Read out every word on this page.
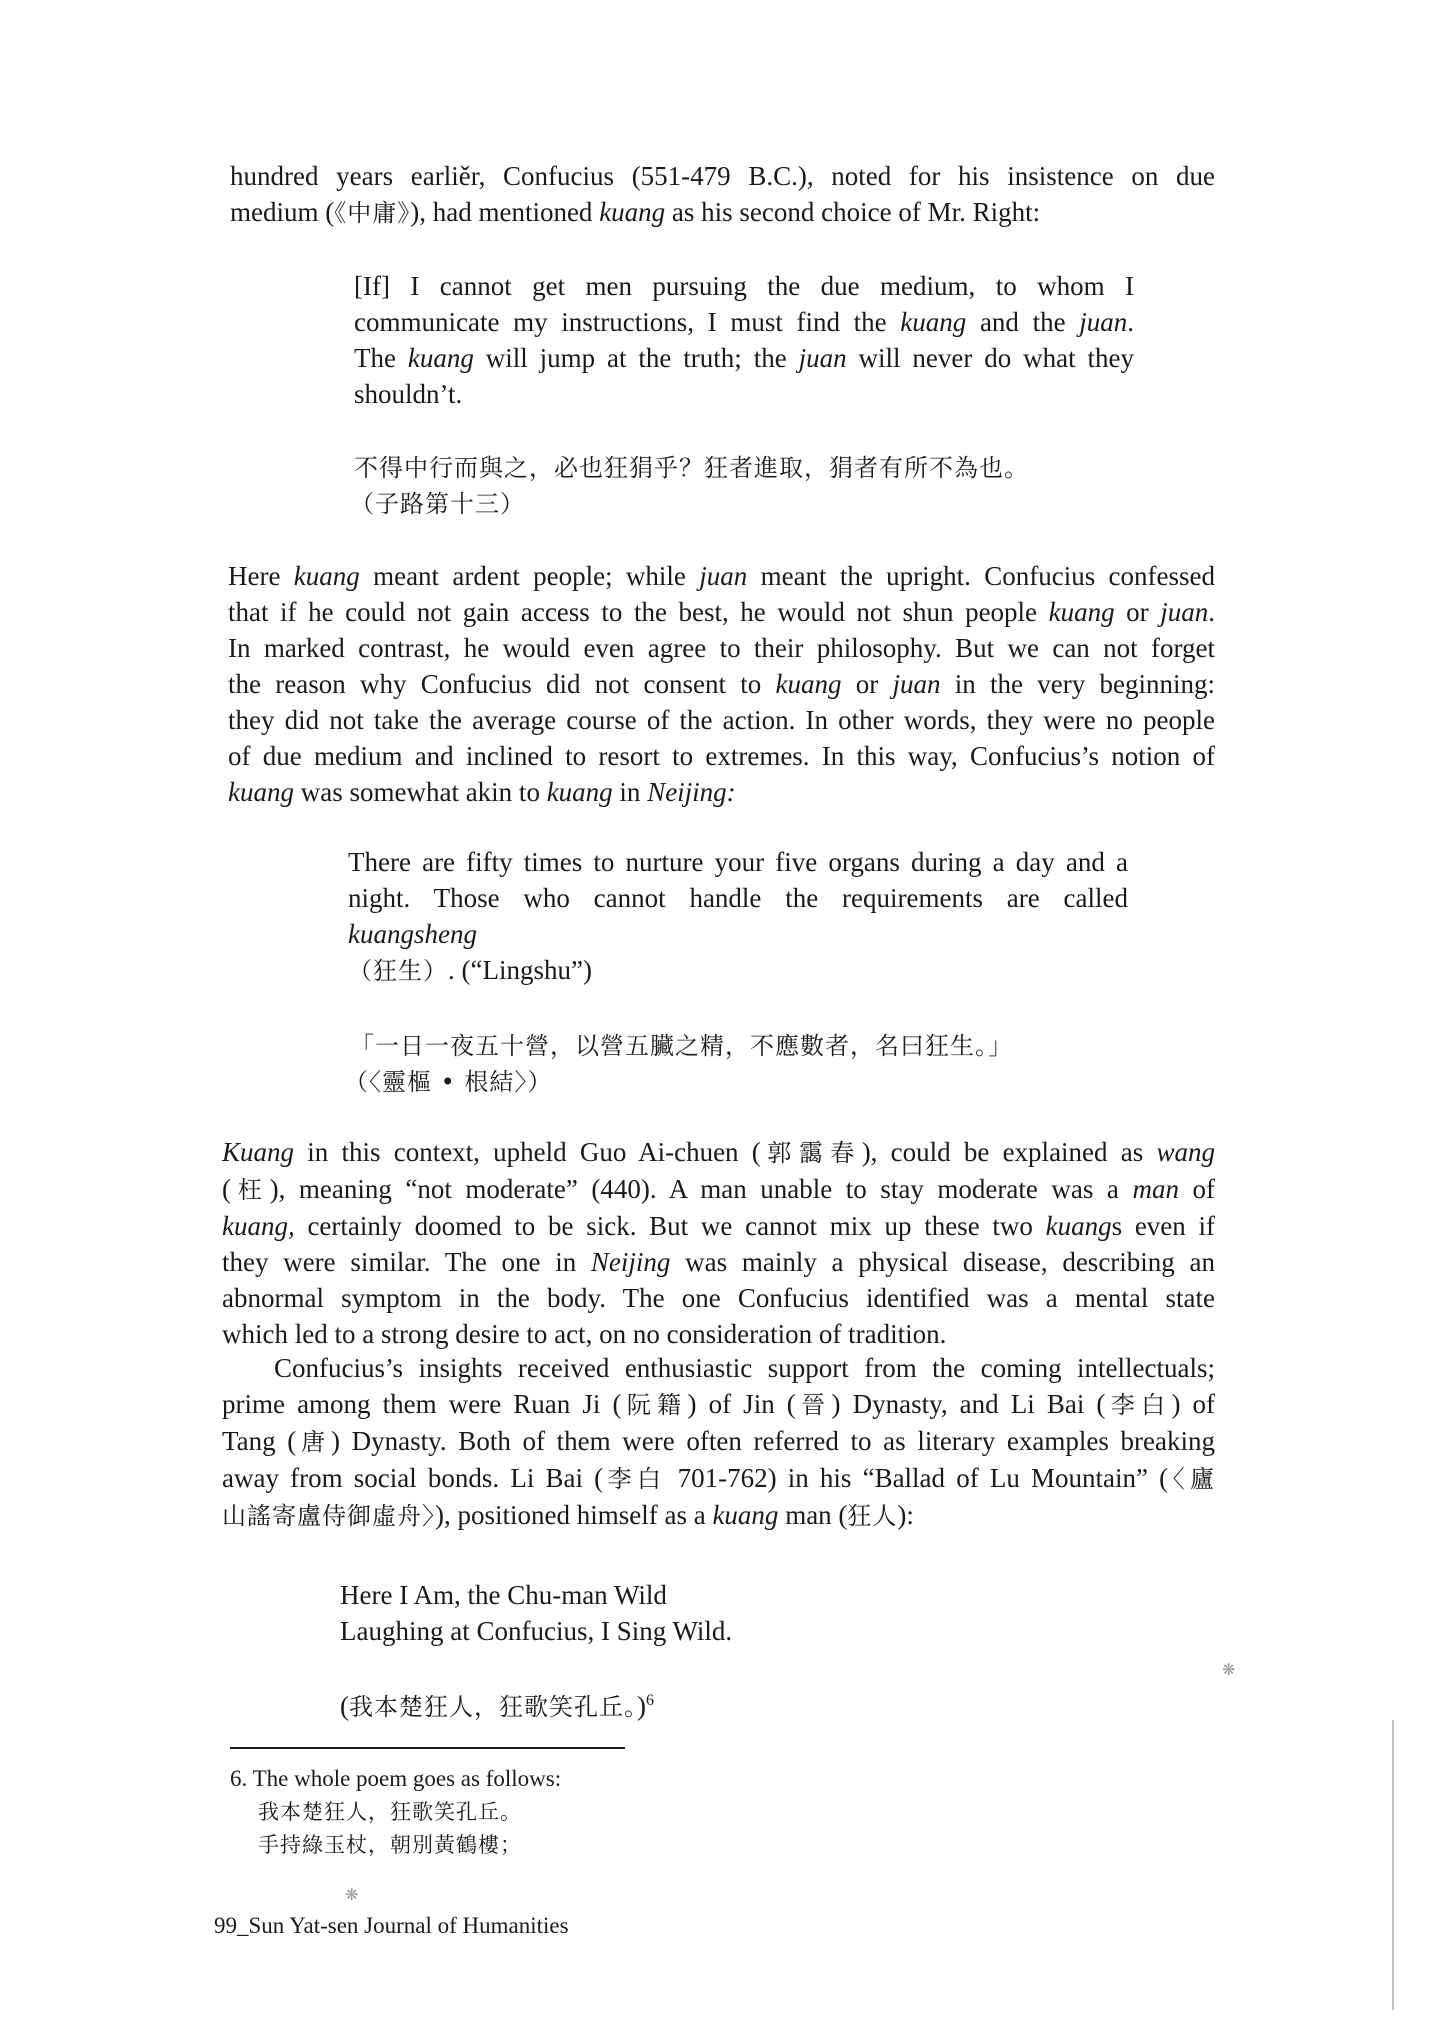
hundred years earliěr, Confucius (551-479 B.C.), noted for his insistence on due
medium (《中庸》), had mentioned kuang as his second choice of Mr. Right:
[If] I cannot get men pursuing the due medium, to whom I
communicate my instructions, I must find the kuang and the juan.
The kuang will jump at the truth; the juan will never do what they
shouldn’t.
不得中行而與之，必也狂狷乎？狂者進取，狷者有所不為也。
（子路第十三）
Here kuang meant ardent people; while juan meant the upright. Confucius confessed
that if he could not gain access to the best, he would not shun people kuang or juan.
In marked contrast, he would even agree to their philosophy. But we can not forget
the reason why Confucius did not consent to kuang or juan in the very beginning:
they did not take the average course of the action. In other words, they were no people
of due medium and inclined to resort to extremes. In this way, Confucius’s notion of
kuang was somewhat akin to kuang in Neijing:
There are fifty times to nurture your five organs during a day and a
night. Those who cannot handle the requirements are called
kuangsheng
（狂生）. (“Lingshu”)
「一日一夜五十營，以營五臟之精，不應數者，名曰狂生。」
（〈靈樞 • 根結〉）
Kuang in this context, upheld Guo Ai-chuen (郭靄春), could be explained as wang
(枉), meaning “not moderate” (440). A man unable to stay moderate was a man of
kuang, certainly doomed to be sick. But we cannot mix up these two kuangs even if
they were similar. The one in Neijing was mainly a physical disease, describing an
abnormal symptom in the body. The one Confucius identified was a mental state
which led to a strong desire to act, on no consideration of tradition.
Confucius’s insights received enthusiastic support from the coming intellectuals;
prime among them were Ruan Ji (阮籍) of Jin (晉) Dynasty, and Li Bai (李白) of
Tang (唐) Dynasty. Both of them were often referred to as literary examples breaking
away from social bonds. Li Bai (李白 701-762) in his “Ballad of Lu Mountain” (〈廬
山謠寄盧侍御虛舟〉), positioned himself as a kuang man (狂人):
Here I Am, the Chu-man Wild
Laughing at Confucius, I Sing Wild.
(我本楚狂人，狂歌笑孔丘。)$^6$
6. The whole poem goes as follows:
我本楚狂人，狂歌笑孔丘。
手持綠玉杖，朝別黃鶴樓；
99_Sun Yat-sen Journal of Humanities
❋
❋
